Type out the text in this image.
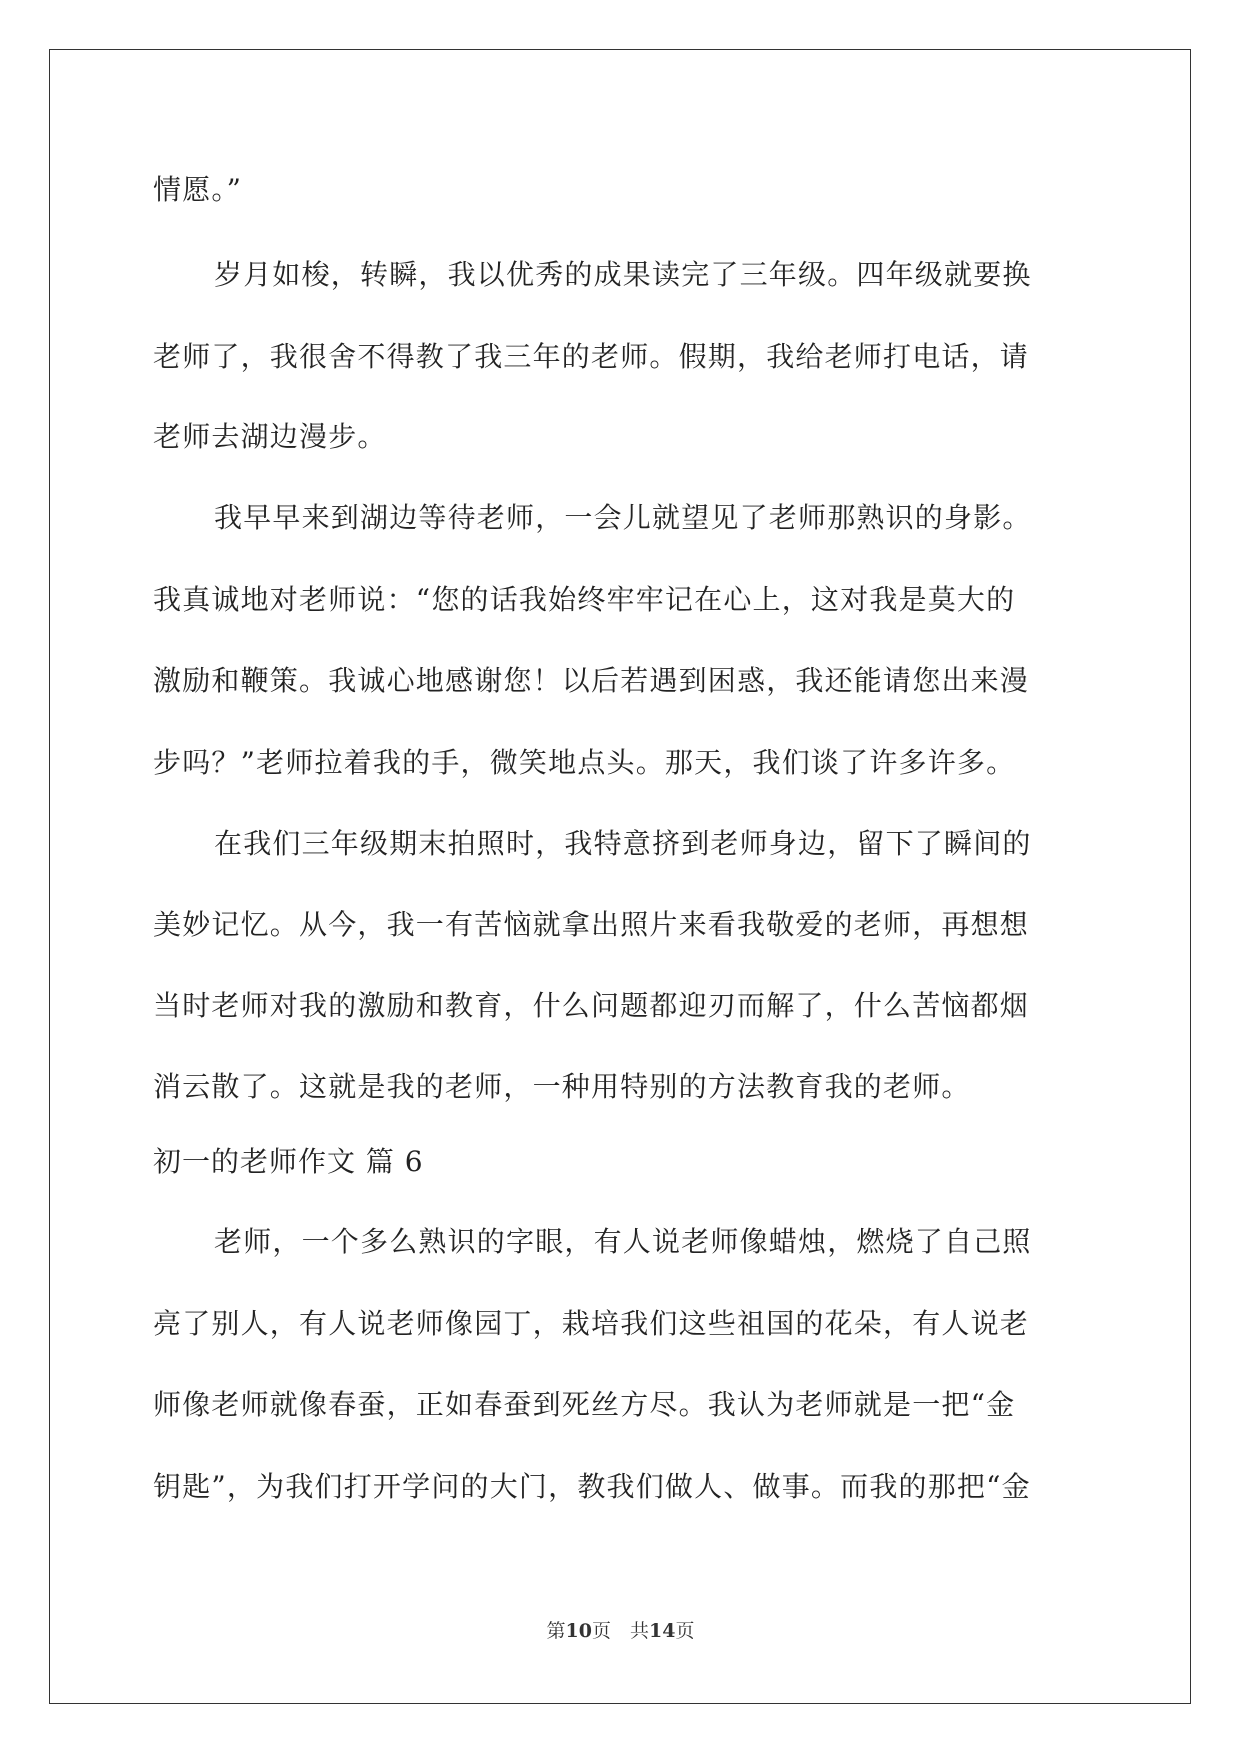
情愿。”
岁月如梭，转瞬，我以优秀的成果读完了三年级。四年级就要换
老师了，我很舍不得教了我三年的老师。假期，我给老师打电话，请
老师去湖边漫步。
我早早来到湖边等待老师，一会儿就望见了老师那熟识的身影。
我真诚地对老师说：“您的话我始终牢牢记在心上，这对我是莫大的
激励和鞭策。我诚心地感谢您！以后若遇到困惑，我还能请您出来漫
步吗？”老师拉着我的手，微笑地点头。那天，我们谈了许多许多。
在我们三年级期末拍照时，我特意挤到老师身边，留下了瞬间的
美妙记忆。从今，我一有苦恼就拿出照片来看我敬爱的老师，再想想
当时老师对我的激励和教育，什么问题都迎刃而解了，什么苦恼都烟
消云散了。这就是我的老师，一种用特别的方法教育我的老师。
初一的老师作文 篇 6
老师，一个多么熟识的字眼，有人说老师像蜡烛，燃烧了自己照
亮了别人，有人说老师像园丁，栽培我们这些祖国的花朵，有人说老
师像老师就像春蚕，正如春蚕到死丝方尽。我认为老师就是一把“金
钥匙”，为我们打开学问的大门，教我们做人、做事。而我的那把“金
第10页　共14页
